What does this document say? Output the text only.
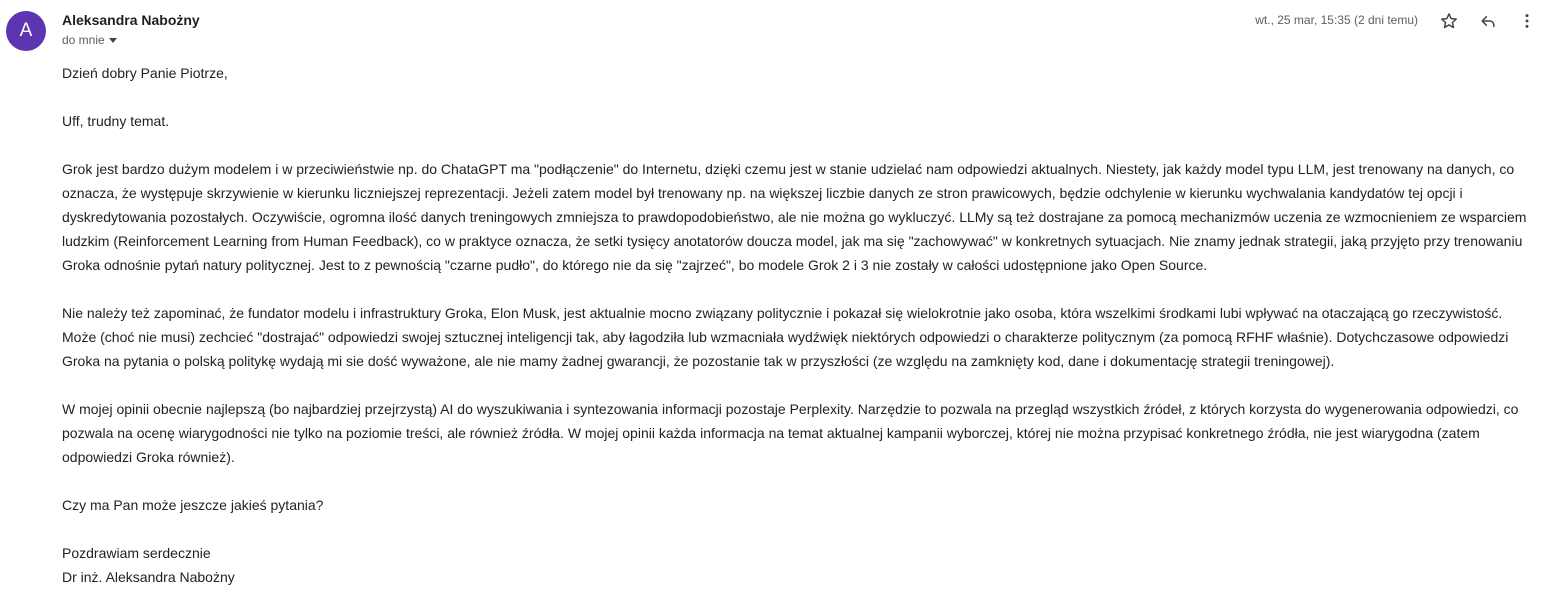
A	Aleksandra Nabożny
do mnie
wt., 25 mar, 15:35 (2 dni temu)

Dzień dobry Panie Piotrze,

Uff, trudny temat.

Grok jest bardzo dużym modelem i w przeciwieństwie np. do ChataGPT ma "podłączenie" do Internetu, dzięki czemu jest w stanie udzielać nam odpowiedzi aktualnych. Niestety, jak każdy model typu LLM, jest trenowany na danych, co oznacza, że występuje skrzywienie w kierunku liczniejszej reprezentacji. Jeżeli zatem model był trenowany np. na większej liczbie danych ze stron prawicowych, będzie odchylenie w kierunku wychwalania kandydatów tej opcji i dyskredytowania pozostałych. Oczywiście, ogromna ilość danych treningowych zmniejsza to prawdopodobieństwo, ale nie można go wykluczyć. LLMy są też dostrajane za pomocą mechanizmów uczenia ze wzmocnieniem ze wsparciem ludzkim (Reinforcement Learning from Human Feedback), co w praktyce oznacza, że setki tysięcy anotatorów doucza model, jak ma się "zachowywać" w konkretnych sytuacjach. Nie znamy jednak strategii, jaką przyjęto przy trenowaniu Groka odnośnie pytań natury politycznej. Jest to z pewnością "czarne pudło", do którego nie da się "zajrzeć", bo modele Grok 2 i 3 nie zostały w całości udostępnione jako Open Source.

Nie należy też zapominać, że fundator modelu i infrastruktury Groka, Elon Musk, jest aktualnie mocno związany politycznie i pokazał się wielokrotnie jako osoba, która wszelkimi środkami lubi wpływać na otaczającą go rzeczywistość. Może (choć nie musi) zechcieć "dostrajać" odpowiedzi swojej sztucznej inteligencji tak, aby łagodziła lub wzmacniała wydźwięk niektórych odpowiedzi o charakterze politycznym (za pomocą RFHF właśnie). Dotychczasowe odpowiedzi Groka na pytania o polską politykę wydają mi sie dość wyważone, ale nie mamy żadnej gwarancji, że pozostanie tak w przyszłości (ze względu na zamknięty kod, dane i dokumentację strategii treningowej).

W mojej opinii obecnie najlepszą (bo najbardziej przejrzystą) AI do wyszukiwania i syntezowania informacji pozostaje Perplexity. Narzędzie to pozwala na przegląd wszystkich źródeł, z których korzysta do wygenerowania odpowiedzi, co pozwala na ocenę wiarygodności nie tylko na poziomie treści, ale również źródła. W mojej opinii każda informacja na temat aktualnej kampanii wyborczej, której nie można przypisać konkretnego źródła, nie jest wiarygodna (zatem odpowiedzi Groka również).

Czy ma Pan może jeszcze jakieś pytania?

Pozdrawiam serdecznie

Dr inż. Aleksandra Nabożny
